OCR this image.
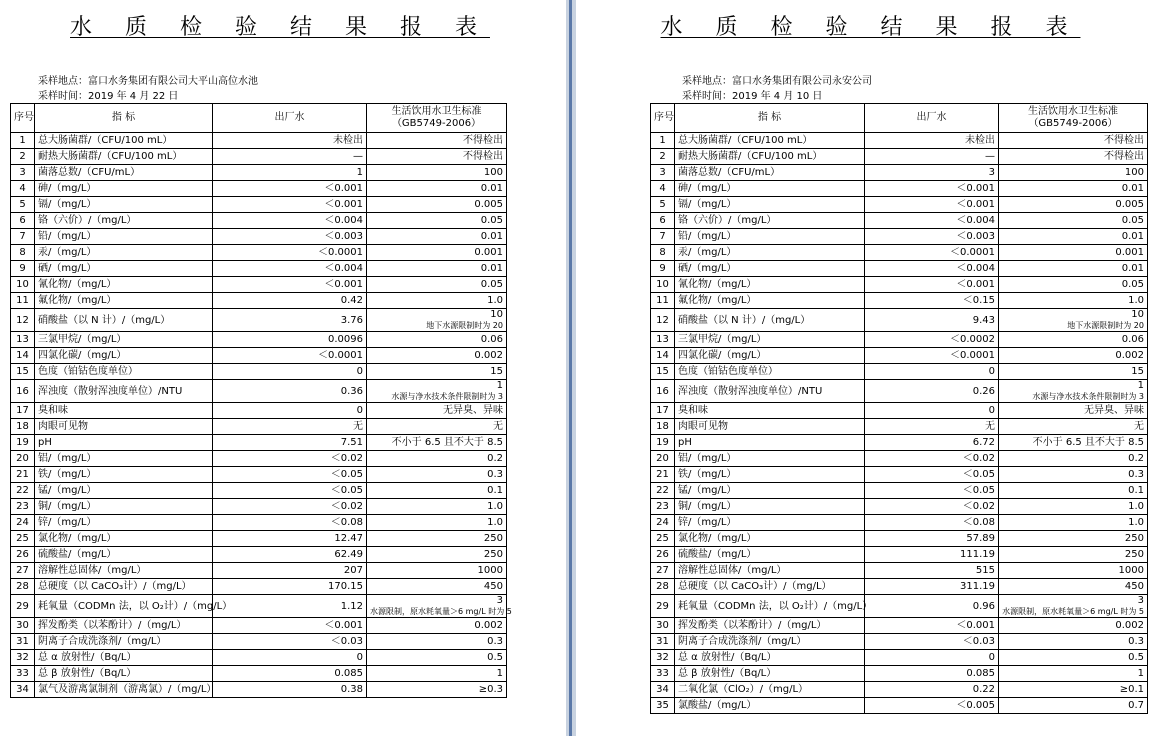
水 质 检 验 结 果 报 表
采样地点：富口水务集团有限公司大平山高位水池
采样时间：2019 年 4 月 22 日
序号	指 标	出厂水	生活饮用水卫生标准
（GB5749-2006）

1	总大肠菌群/（CFU/100 mL）	未检出	不得检出
2	耐热大肠菌群/（CFU/100 mL）	—	不得检出
3	菌落总数/（CFU/mL）	1	100
4	砷/（mg/L）	＜0.001	0.01
5	镉/（mg/L）	＜0.001	0.005
6	铬（六价）/（mg/L）	＜0.004	0.05
7	铅/（mg/L）	＜0.003	0.01
8	汞/（mg/L）	＜0.0001	0.001
9	硒/（mg/L）	＜0.004	0.01
10	氰化物/（mg/L）	＜0.001	0.05
11	氟化物/（mg/L）	0.42	1.0
12	硝酸盐（以 N 计）/（mg/L）	3.76	10
地下水源限制时为 20

13	三氯甲烷/（mg/L）	0.0096	0.06
14	四氯化碳/（mg/L）	＜0.0001	0.002
15	色度（铂钴色度单位）	0	15
16	浑浊度（散射浑浊度单位）/NTU	0.36	1
水源与净水技术条件限制时为 3

17	臭和味	0	无异臭、异味
18	肉眼可见物	无	无
19	pH	7.51	不小于 6.5 且不大于 8.5
20	铝/（mg/L）	＜0.02	0.2
21	铁/（mg/L）	＜0.05	0.3
22	锰/（mg/L）	＜0.05	0.1
23	铜/（mg/L）	＜0.02	1.0
24	锌/（mg/L）	＜0.08	1.0
25	氯化物/（mg/L）	12.47	250
26	硫酸盐/（mg/L）	62.49	250
27	溶解性总固体/（mg/L）	207	1000
28	总硬度（以 CaCO₃计）/（mg/L）	170.15	450
29	耗氧量（CODMn 法，以 O₂计）/（mg/L）	1.12	3
水源限制，原水耗氧量＞6 mg/L 时为 5

30	挥发酚类（以苯酚计）/（mg/L）	＜0.001	0.002
31	阴离子合成洗涤剂/（mg/L）	＜0.03	0.3
32	总 α 放射性/（Bq/L）	0	0.5
33	总 β 放射性/（Bq/L）	0.085	1
34	氯气及游离氯制剂（游离氯）/（mg/L）	0.38	≥0.3
水 质 检 验 结 果 报 表
采样地点：富口水务集团有限公司永安公司
采样时间：2019 年 4 月 10 日
序号	指 标	出厂水	生活饮用水卫生标准
（GB5749-2006）

1	总大肠菌群/（CFU/100 mL）	未检出	不得检出
2	耐热大肠菌群/（CFU/100 mL）	—	不得检出
3	菌落总数/（CFU/mL）	3	100
4	砷/（mg/L）	＜0.001	0.01
5	镉/（mg/L）	＜0.001	0.005
6	铬（六价）/（mg/L）	＜0.004	0.05
7	铅/（mg/L）	＜0.003	0.01
8	汞/（mg/L）	＜0.0001	0.001
9	硒/（mg/L）	＜0.004	0.01
10	氰化物/（mg/L）	＜0.001	0.05
11	氟化物/（mg/L）	＜0.15	1.0
12	硝酸盐（以 N 计）/（mg/L）	9.43	10
地下水源限制时为 20

13	三氯甲烷/（mg/L）	＜0.0002	0.06
14	四氯化碳/（mg/L）	＜0.0001	0.002
15	色度（铂钴色度单位）	0	15
16	浑浊度（散射浑浊度单位）/NTU	0.26	1
水源与净水技术条件限制时为 3

17	臭和味	0	无异臭、异味
18	肉眼可见物	无	无
19	pH	6.72	不小于 6.5 且不大于 8.5
20	铝/（mg/L）	＜0.02	0.2
21	铁/（mg/L）	＜0.05	0.3
22	锰/（mg/L）	＜0.05	0.1
23	铜/（mg/L）	＜0.02	1.0
24	锌/（mg/L）	＜0.08	1.0
25	氯化物/（mg/L）	57.89	250
26	硫酸盐/（mg/L）	111.19	250
27	溶解性总固体/（mg/L）	515	1000
28	总硬度（以 CaCO₃计）/（mg/L）	311.19	450
29	耗氧量（CODMn 法，以 O₂计）/（mg/L）	0.96	3
水源限制，原水耗氧量＞6 mg/L 时为 5

30	挥发酚类（以苯酚计）/（mg/L）	＜0.001	0.002
31	阴离子合成洗涤剂/（mg/L）	＜0.03	0.3
32	总 α 放射性/（Bq/L）	0	0.5
33	总 β 放射性/（Bq/L）	0.085	1
34	二氧化氯（ClO₂）/（mg/L）	0.22	≥0.1
35	氯酸盐/（mg/L）	＜0.005	0.7
